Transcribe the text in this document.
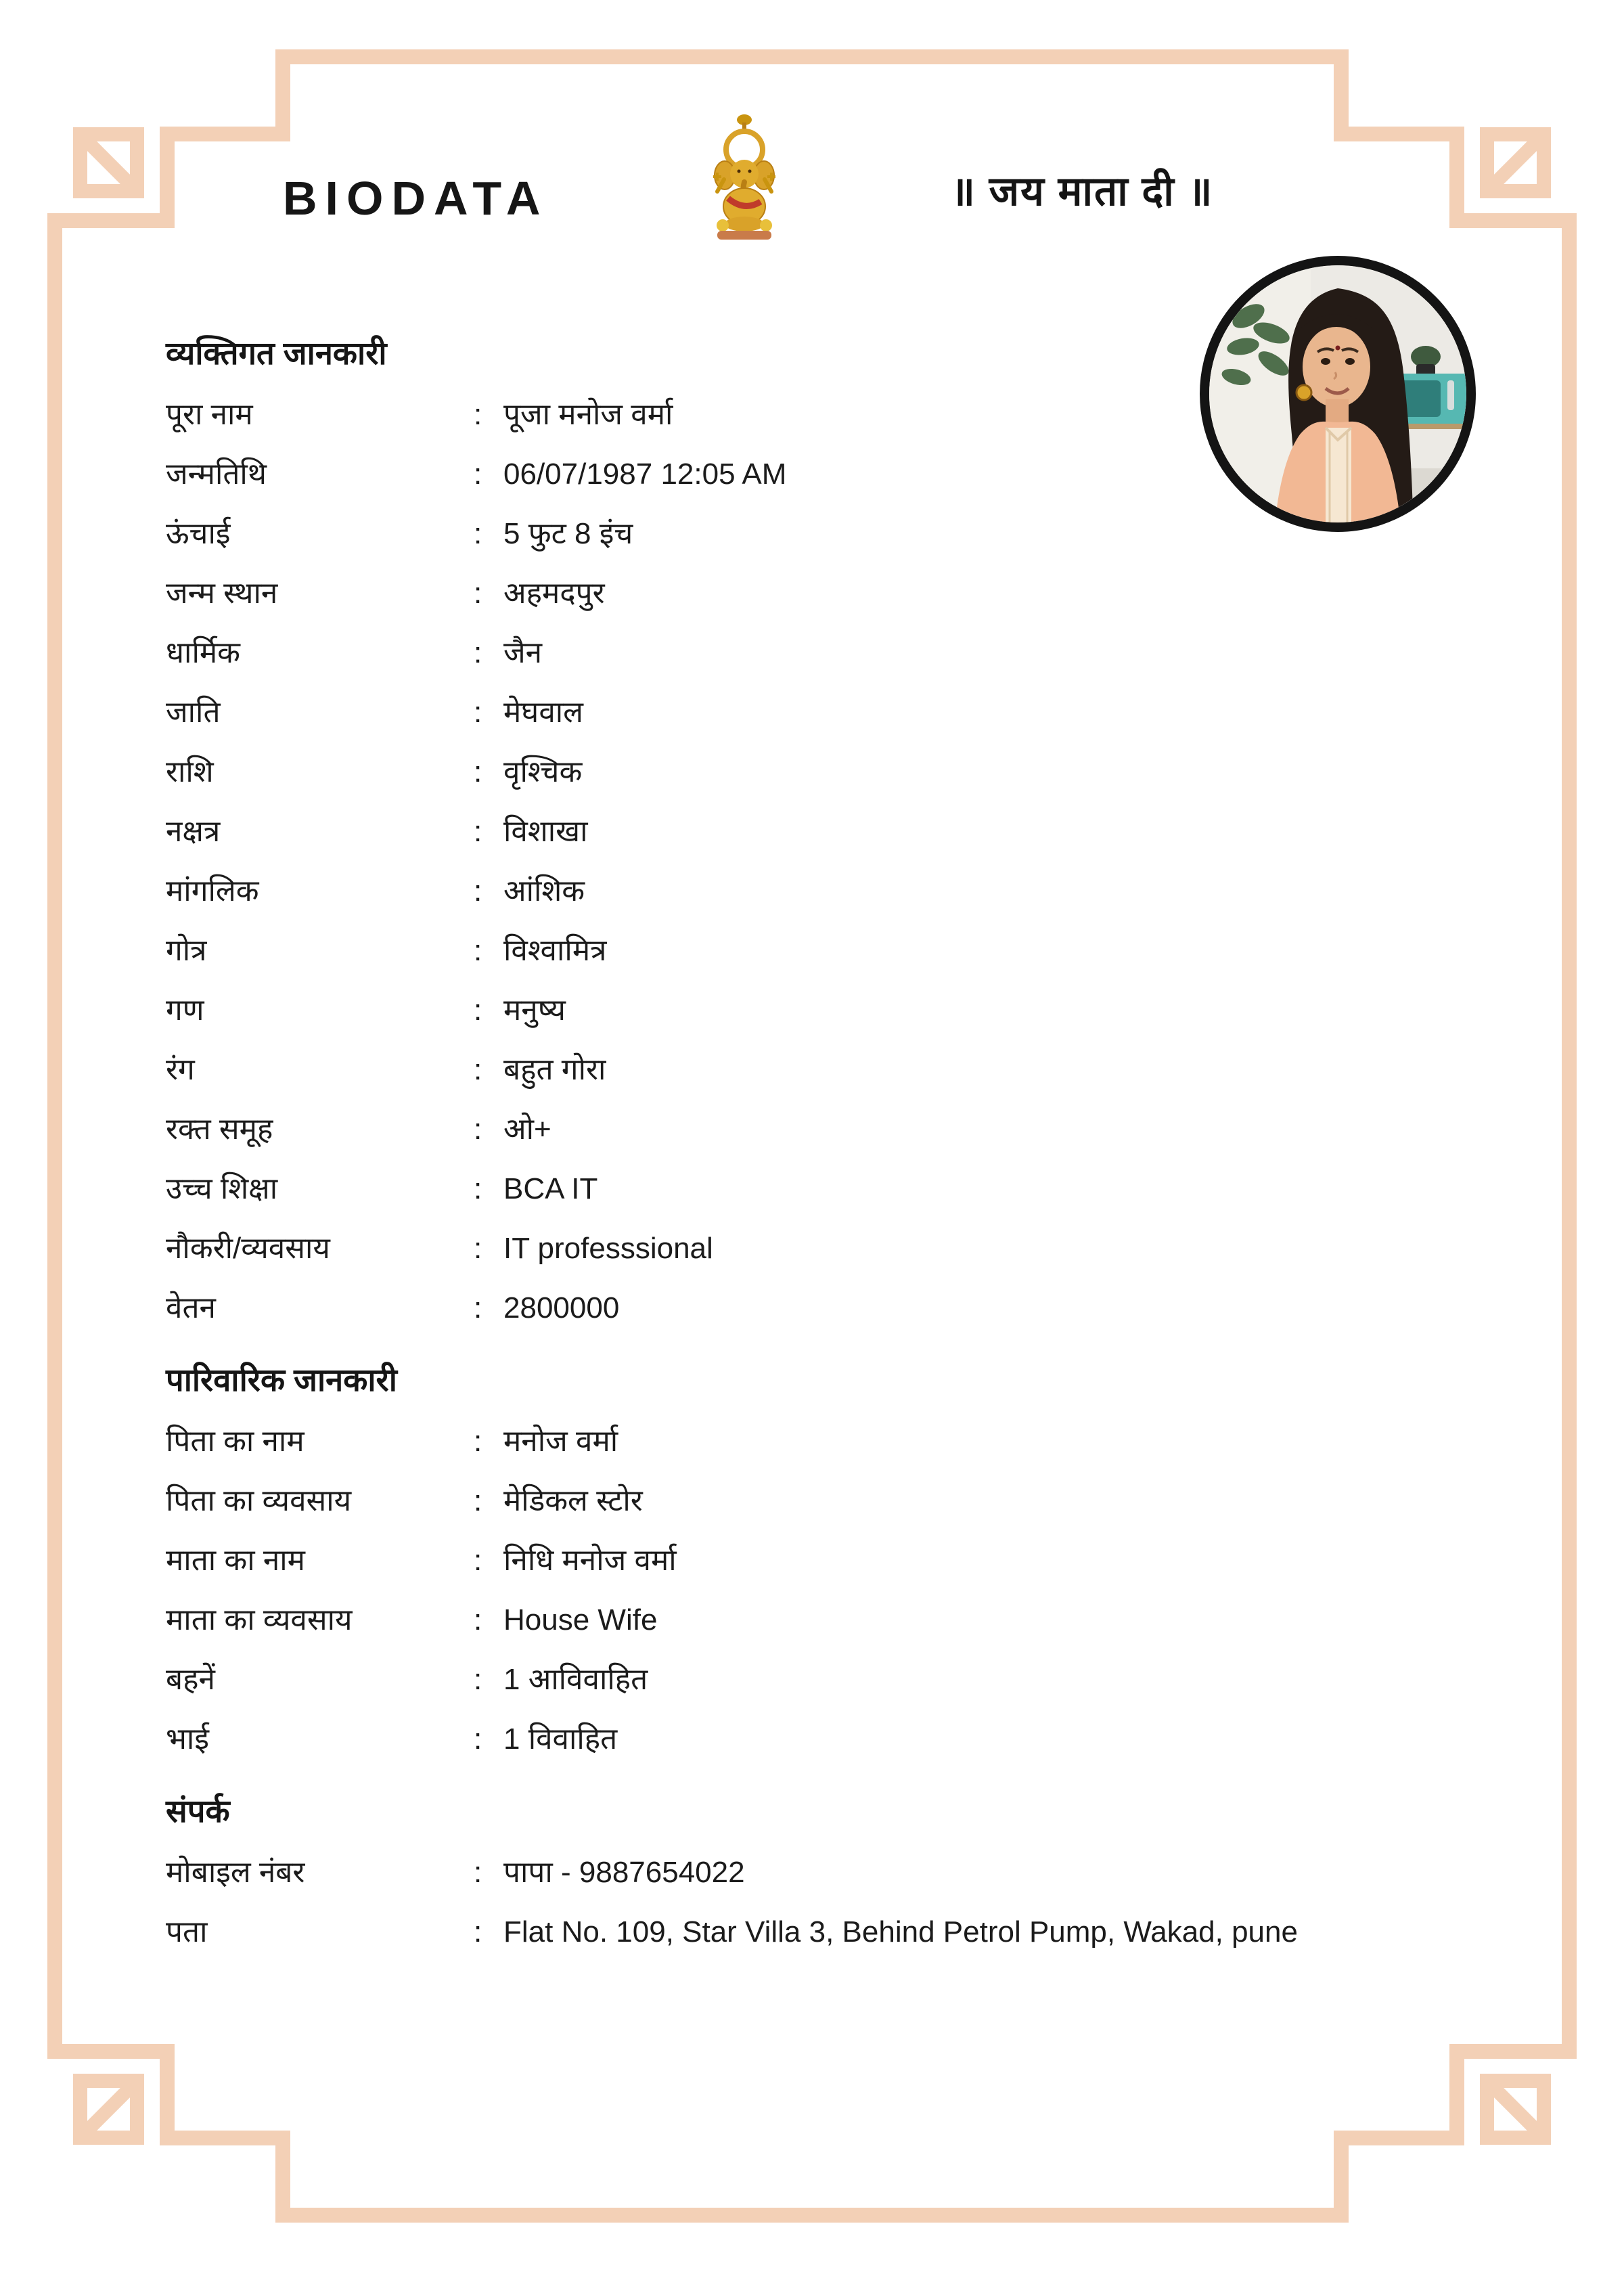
BIODATA	॥ जय माता दी ॥
व्यक्तिगत जानकारी
पूरा नाम	: पूजा मनोज वर्मा
जन्मतिथि	: 06/07/1987 12:05 AM
ऊंचाई	: 5 फुट 8 इंच
जन्म स्थान	: अहमदपुर
धार्मिक	: जैन
जाति	: मेघवाल
राशि	: वृश्चिक
नक्षत्र	: विशाखा
मांगलिक	: आंशिक
गोत्र	: विश्वामित्र
गण	: मनुष्य
रंग	: बहुत गोरा
रक्त समूह	: ओ+
उच्च शिक्षा	: BCA IT
नौकरी/व्यवसाय	: IT professsional
वेतन	: 2800000
पारिवारिक जानकारी
पिता का नाम	: मनोज वर्मा
पिता का व्यवसाय	: मेडिकल स्टोर
माता का नाम	: निधि मनोज वर्मा
माता का व्यवसाय	: House Wife
बहनें	: 1 आविवाहित
भाई	: 1 विवाहित
संपर्क
मोबाइल नंबर	: पापा - 9887654022
पता	: Flat No. 109, Star Villa 3, Behind Petrol Pump, Wakad, pune
